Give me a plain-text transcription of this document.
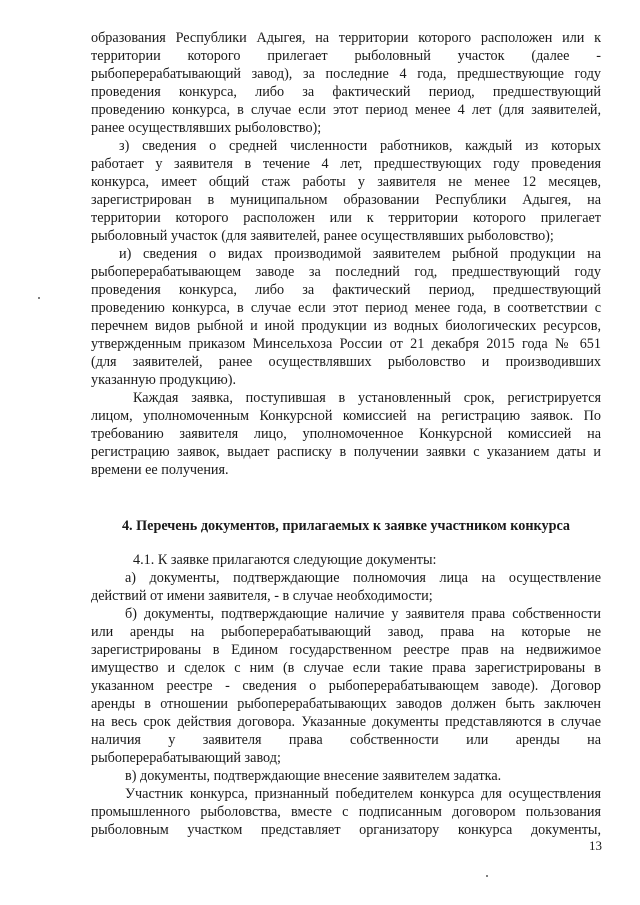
образования Республики Адыгея, на территории которого расположен или к
территории которого прилегает рыболовный участок (далее -
рыбоперерабатывающий завод), за последние 4 года, предшествующие году
проведения конкурса, либо за фактический период, предшествующий
проведению конкурса, в случае если этот период менее 4 лет (для заявителей,
ранее осуществлявших рыболовство);
з) сведения о средней численности работников, каждый из которых
работает у заявителя в течение 4 лет, предшествующих году проведения
конкурса, имеет общий стаж работы у заявителя не менее 12 месяцев,
зарегистрирован в муниципальном образовании Республики Адыгея, на
территории которого расположен или к территории которого прилегает
рыболовный участок (для заявителей, ранее осуществлявших рыболовство);
и) сведения о видах производимой заявителем рыбной продукции на
рыбоперерабатывающем заводе за последний год, предшествующий году
проведения конкурса, либо за фактический период, предшествующий
проведению конкурса, в случае если этот период менее года, в соответствии с
перечнем видов рыбной и иной продукции из водных биологических ресурсов,
утвержденным приказом Минсельхоза России от 21 декабря 2015 года № 651
(для заявителей, ранее осуществлявших рыболовство и производивших
указанную продукцию).
Каждая заявка, поступившая в установленный срок, регистрируется
лицом, уполномоченным Конкурсной комиссией на регистрацию заявок. По
требованию заявителя лицо, уполномоченное Конкурсной комиссией на
регистрацию заявок, выдает расписку в получении заявки с указанием даты и
времени ее получения.
4. Перечень документов, прилагаемых к заявке участником конкурса
4.1. К заявке прилагаются следующие документы:
а) документы, подтверждающие полномочия лица на осуществление
действий от имени заявителя, - в случае необходимости;
б) документы, подтверждающие наличие у заявителя права собственности
или аренды на рыбоперерабатывающий завод, права на которые не
зарегистрированы в Едином государственном реестре прав на недвижимое
имущество и сделок с ним (в случае если такие права зарегистрированы в
указанном реестре - сведения о рыбоперерабатывающем заводе). Договор
аренды в отношении рыбоперерабатывающих заводов должен быть заключен
на весь срок действия договора. Указанные документы представляются в случае
наличия у заявителя права собственности или аренды на
рыбоперерабатывающий завод;
в) документы, подтверждающие внесение заявителем задатка.
Участник конкурса, признанный победителем конкурса для осуществления
промышленного рыболовства, вместе с подписанным договором пользования
рыболовным участком представляет организатору конкурса документы,
13
